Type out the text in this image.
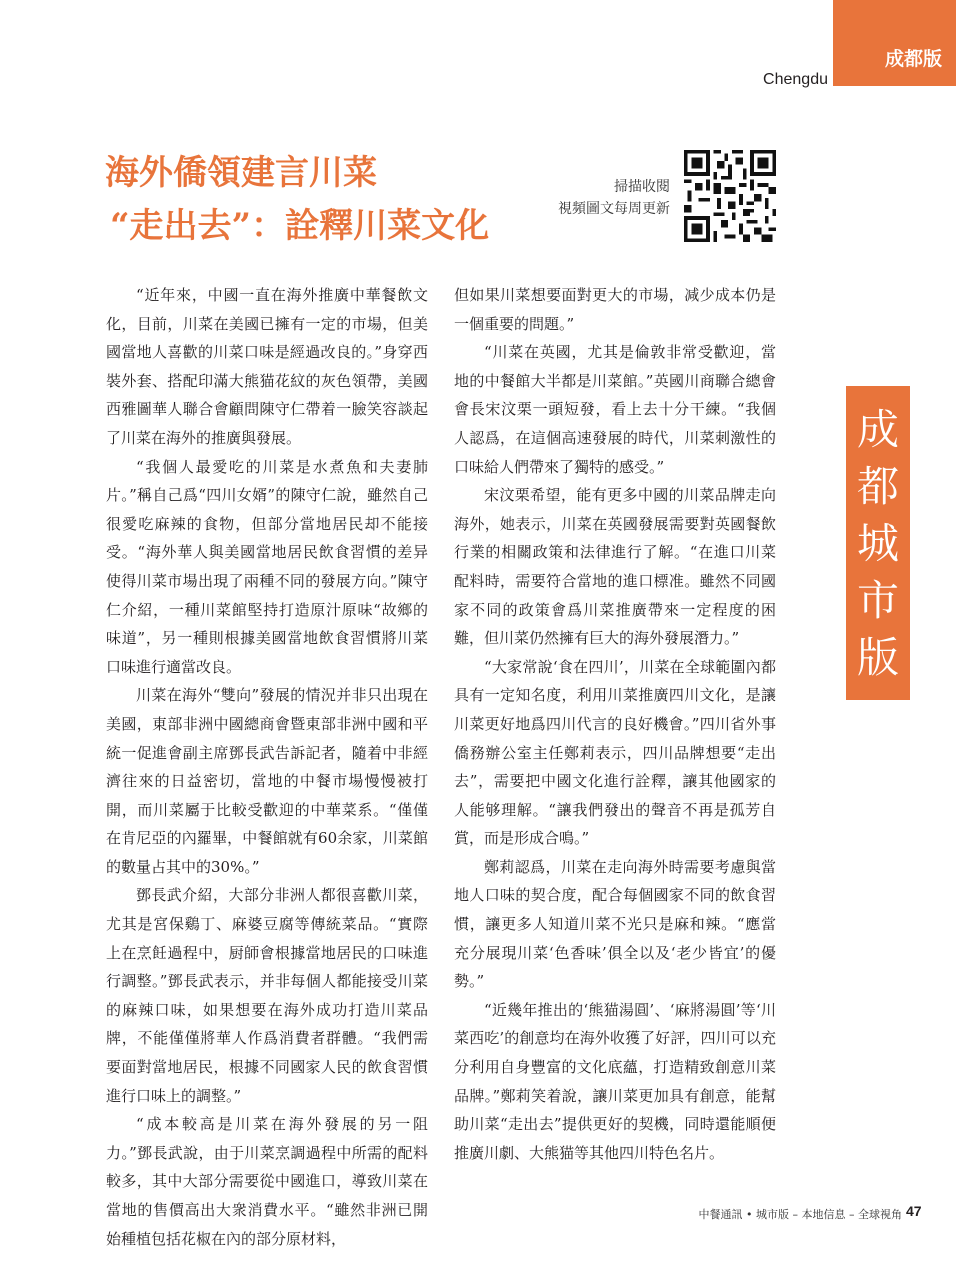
成都版
Chengdu
成
都
城
市
版
海外僑領建言川菜
“走出去”：詮釋川菜文化
掃描收閱
視頻圖文每周更新

“近年來，中國一直在海外推廣中華餐飲文化，目前，川菜在美國已擁有一定的市場，但美國當地人喜歡的川菜口味是經過改良的。”身穿西裝外套、搭配印滿大熊猫花紋的灰色領帶，美國西雅圖華人聯合會顧問陳守仁帶着一臉笑容談起了川菜在海外的推廣與發展。

“我個人最愛吃的川菜是水煮魚和夫妻肺片。”稱自己爲“四川女婿”的陳守仁說，雖然自己很愛吃麻辣的食物，但部分當地居民却不能接受。“海外華人與美國當地居民飲食習慣的差异使得川菜市場出現了兩種不同的發展方向。”陳守仁介紹，一種川菜館堅持打造原汁原味“故鄉的味道”，另一種則根據美國當地飲食習慣將川菜口味進行適當改良。

川菜在海外“雙向”發展的情況并非只出現在美國，東部非洲中國總商會暨東部非洲中國和平統一促進會副主席鄧長武告訴記者，隨着中非經濟往來的日益密切，當地的中餐市場慢慢被打開，而川菜屬于比較受歡迎的中華菜系。“僅僅在肯尼亞的內羅畢，中餐館就有60余家，川菜館的數量占其中的30%。”

鄧長武介紹，大部分非洲人都很喜歡川菜，尤其是宮保鷄丁、麻婆豆腐等傳統菜品。“實際上在烹飪過程中，厨師會根據當地居民的口味進行調整。”鄧長武表示，并非每個人都能接受川菜的麻辣口味，如果想要在海外成功打造川菜品牌，不能僅僅將華人作爲消費者群體。“我們需要面對當地居民，根據不同國家人民的飲食習慣進行口味上的調整。”

“成本較高是川菜在海外發展的另一阻力。”鄧長武說，由于川菜烹調過程中所需的配料較多，其中大部分需要從中國進口，導致川菜在當地的售價高出大衆消費水平。“雖然非洲已開始種植包括花椒在內的部分原材料，

但如果川菜想要面對更大的市場，减少成本仍是一個重要的問題。”

“川菜在英國，尤其是倫敦非常受歡迎，當地的中餐館大半都是川菜館。”英國川商聯合總會會長宋汶栗一頭短發，看上去十分干練。“我個人認爲，在這個高速發展的時代，川菜刺激性的口味給人們帶來了獨特的感受。”

宋汶栗希望，能有更多中國的川菜品牌走向海外，她表示，川菜在英國發展需要對英國餐飲行業的相關政策和法律進行了解。“在進口川菜配料時，需要符合當地的進口標准。雖然不同國家不同的政策會爲川菜推廣帶來一定程度的困難，但川菜仍然擁有巨大的海外發展潛力。”

“大家常說‘食在四川’，川菜在全球範圍內都具有一定知名度，利用川菜推廣四川文化，是讓川菜更好地爲四川代言的良好機會。”四川省外事僑務辦公室主任鄭莉表示，四川品牌想要“走出去”，需要把中國文化進行詮釋，讓其他國家的人能够理解。“讓我們發出的聲音不再是孤芳自賞，而是形成合鳴。”

鄭莉認爲，川菜在走向海外時需要考慮與當地人口味的契合度，配合每個國家不同的飲食習慣，讓更多人知道川菜不光只是麻和辣。“應當充分展現川菜‘色香味’俱全以及‘老少皆宜’的優勢。”

“近幾年推出的‘熊猫湯圓’、‘麻將湯圓’等‘川菜西吃’的創意均在海外收獲了好評，四川可以充分利用自身豐富的文化底蘊，打造精致創意川菜品牌。”鄭莉笑着說，讓川菜更加具有創意，能幫助川菜“走出去”提供更好的契機，同時還能順便推廣川劇、大熊猫等其他四川特色名片。

中餐通訊 • 城市版 – 本地信息 – 全球視角 47
